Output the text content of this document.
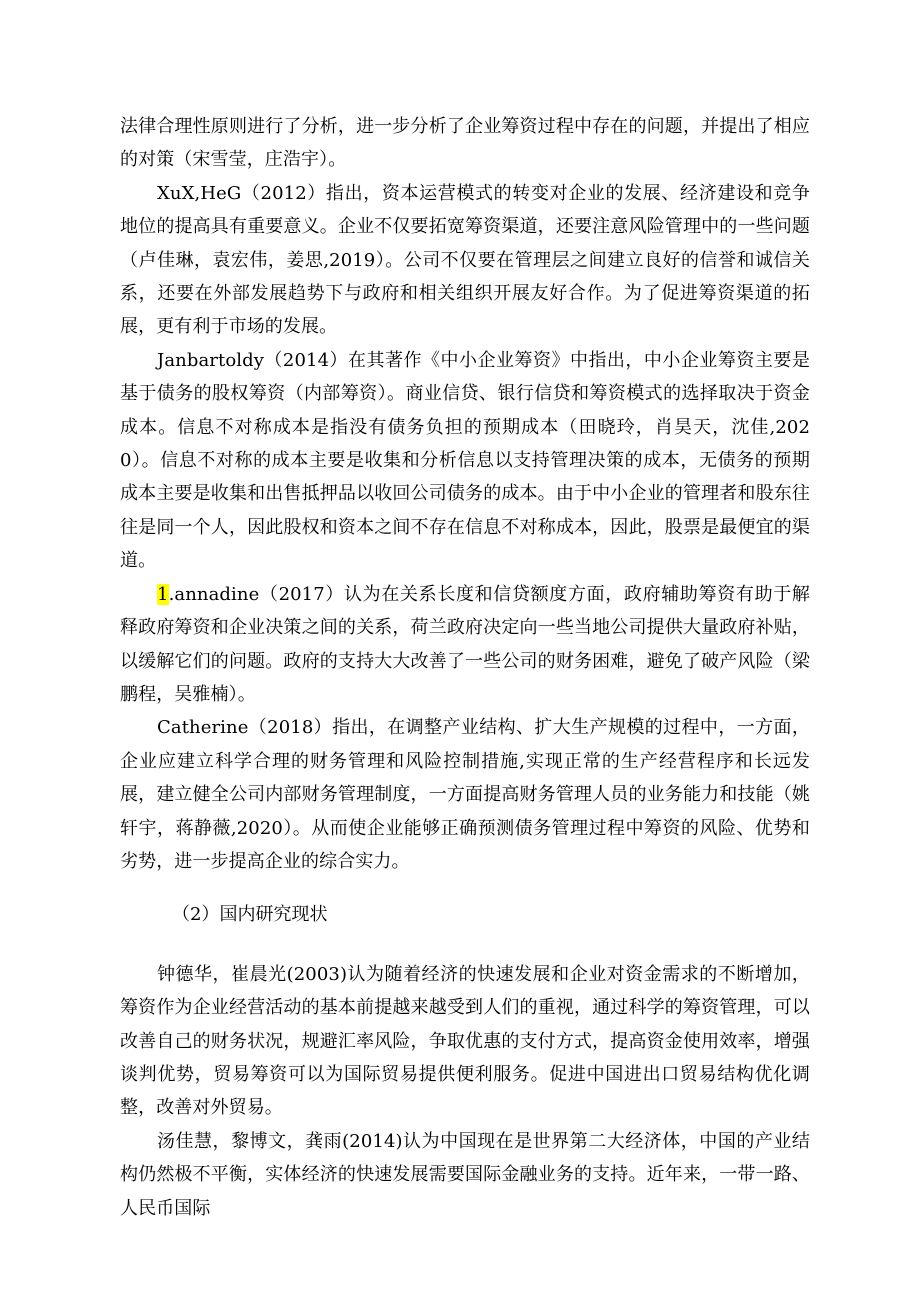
法律合理性原则进行了分析，进一步分析了企业筹资过程中存在的问题，并提出了相应的对策（宋雪莹，庄浩宇）。

XuX,HeG（2012）指出，资本运营模式的转变对企业的发展、经济建设和竞争地位的提高具有重要意义。企业不仅要拓宽筹资渠道，还要注意风险管理中的一些问题（卢佳琳，袁宏伟，姜思,2019）。公司不仅要在管理层之间建立良好的信誉和诚信关系，还要在外部发展趋势下与政府和相关组织开展友好合作。为了促进筹资渠道的拓展，更有利于市场的发展。

Janbartoldy（2014）在其著作《中小企业筹资》中指出，中小企业筹资主要是基于债务的股权筹资（内部筹资）。商业信贷、银行信贷和筹资模式的选择取决于资金成本。信息不对称成本是指没有债务负担的预期成本（田晓玲，肖昊天，沈佳,2020）。信息不对称的成本主要是收集和分析信息以支持管理决策的成本，无债务的预期成本主要是收集和出售抵押品以收回公司债务的成本。由于中小企业的管理者和股东往往是同一个人，因此股权和资本之间不存在信息不对称成本，因此，股票是最便宜的渠道。

1.annadine（2017）认为在关系长度和信贷额度方面，政府辅助筹资有助于解释政府筹资和企业决策之间的关系，荷兰政府决定向一些当地公司提供大量政府补贴，以缓解它们的问题。政府的支持大大改善了一些公司的财务困难，避免了破产风险（梁鹏程，吴雅楠）。

Catherine（2018）指出，在调整产业结构、扩大生产规模的过程中，一方面，企业应建立科学合理的财务管理和风险控制措施,实现正常的生产经营程序和长远发展，建立健全公司内部财务管理制度，一方面提高财务管理人员的业务能力和技能（姚轩宇，蒋静薇,2020）。从而使企业能够正确预测债务管理过程中筹资的风险、优势和劣势，进一步提高企业的综合实力。

（2）国内研究现状

钟德华，崔晨光(2003)认为随着经济的快速发展和企业对资金需求的不断增加，筹资作为企业经营活动的基本前提越来越受到人们的重视，通过科学的筹资管理，可以改善自己的财务状况，规避汇率风险，争取优惠的支付方式，提高资金使用效率，增强谈判优势，贸易筹资可以为国际贸易提供便利服务。促进中国进出口贸易结构优化调整，改善对外贸易。

汤佳慧，黎博文，龚雨(2014)认为中国现在是世界第二大经济体，中国的产业结构仍然极不平衡，实体经济的快速发展需要国际金融业务的支持。近年来，一带一路、人民币国际
